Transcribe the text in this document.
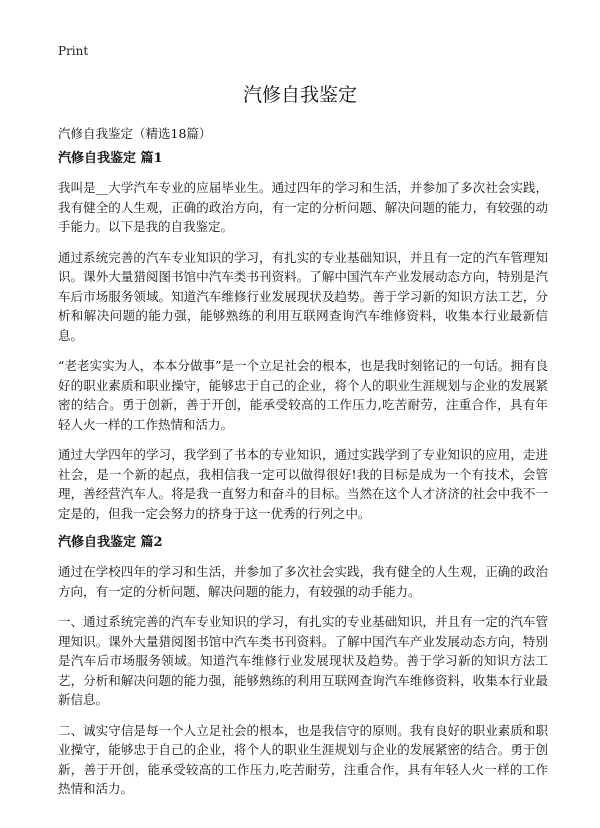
Print
汽修自我鉴定
汽修自我鉴定（精选18篇）
汽修自我鉴定 篇1

我叫是__大学汽车专业的应届毕业生。通过四年的学习和生活，并参加了多次社会实践，我有健全的人生观，正确的政治方向，有一定的分析问题、解决问题的能力，有较强的动手能力。以下是我的自我鉴定。

通过系统完善的汽车专业知识的学习，有扎实的专业基础知识，并且有一定的汽车管理知识。课外大量猎阅图书馆中汽车类书刊资料。了解中国汽车产业发展动态方向，特别是汽车后市场服务领域。知道汽车维修行业发展现状及趋势。善于学习新的知识方法工艺，分析和解决问题的能力强，能够熟练的利用互联网查询汽车维修资料，收集本行业最新信息。

“老老实实为人，本本分做事”是一个立足社会的根本，也是我时刻铭记的一句话。拥有良好的职业素质和职业操守，能够忠于自己的企业，将个人的职业生涯规划与企业的发展紧密的结合。勇于创新，善于开创，能承受较高的工作压力,吃苦耐劳，注重合作，具有年轻人火一样的工作热情和活力。

通过大学四年的学习，我学到了书本的专业知识，通过实践学到了专业知识的应用，走进社会，是一个新的起点，我相信我一定可以做得很好!我的目标是成为一个有技术，会管理，善经营汽车人。将是我一直努力和奋斗的目标。当然在这个人才济济的社会中我不一定是的，但我一定会努力的挤身于这一优秀的行列之中。

汽修自我鉴定 篇2

通过在学校四年的学习和生活，并参加了多次社会实践，我有健全的人生观，正确的政治方向，有一定的分析问题、解决问题的能力，有较强的动手能力。

一、通过系统完善的汽车专业知识的学习，有扎实的专业基础知识，并且有一定的汽车管理知识。课外大量猎阅图书馆中汽车类书刊资料。了解中国汽车产业发展动态方向，特别是汽车后市场服务领域。知道汽车维修行业发展现状及趋势。善于学习新的知识方法工艺，分析和解决问题的能力强，能够熟练的利用互联网查询汽车维修资料，收集本行业最新信息。

二、诚实守信是每一个人立足社会的根本，也是我信守的原则。我有良好的职业素质和职业操守，能够忠于自己的企业，将个人的职业生涯规划与企业的发展紧密的结合。勇于创新，善于开创，能承受较高的工作压力,吃苦耐劳，注重合作，具有年轻人火一样的工作热情和活力。
